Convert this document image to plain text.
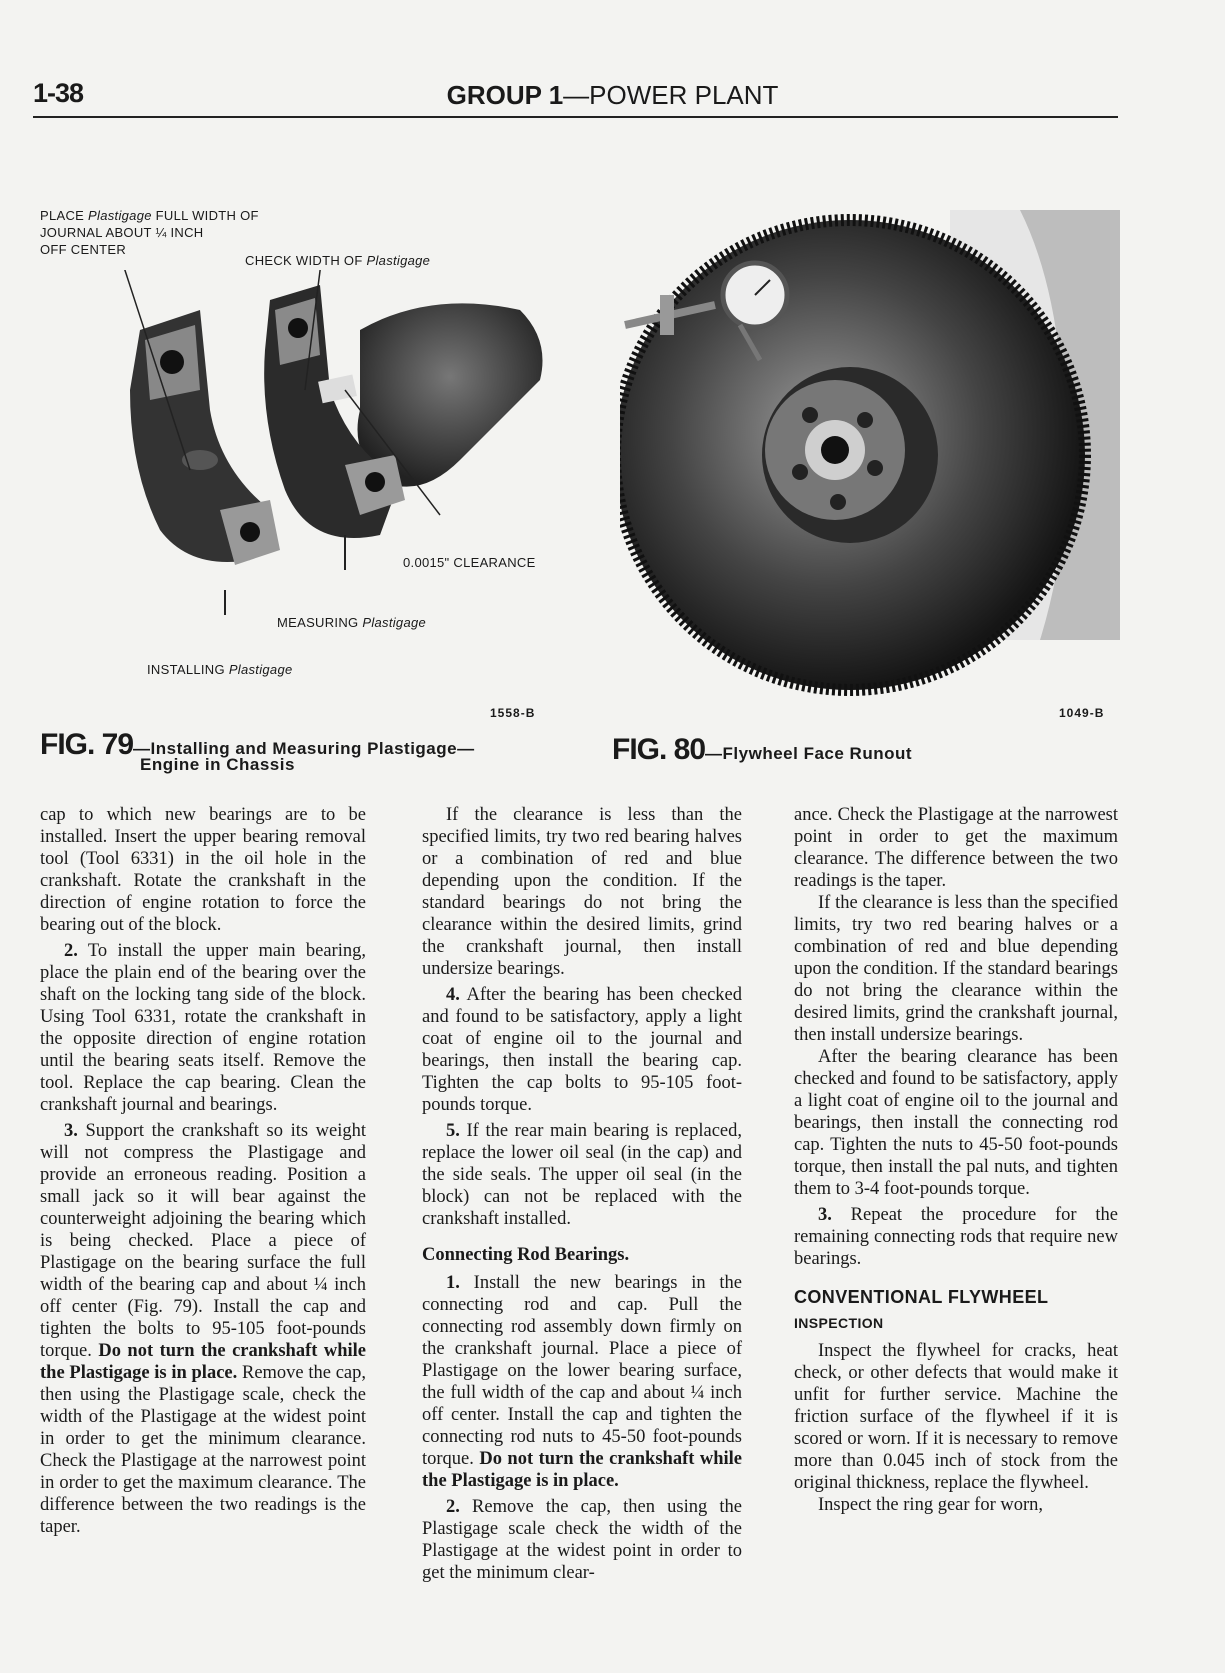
1-38	GROUP 1—POWER PLANT
PLACE Plastigage FULL WIDTH OF
JOURNAL ABOUT ¼ INCH
OFF CENTER
CHECK WIDTH OF Plastigage
0.0015" CLEARANCE
MEASURING Plastigage
INSTALLING Plastigage
1558-B	1049-B
FIG. 79—Installing and Measuring Plastigage—
Engine in Chassis	FIG. 80—Flywheel Face Runout

cap to which new bearings are to be installed. Insert the upper bearing removal tool (Tool 6331) in the oil hole in the crankshaft. Rotate the crankshaft in the direction of engine rotation to force the bearing out of the block.

2. To install the upper main bearing, place the plain end of the bearing over the shaft on the locking tang side of the block. Using Tool 6331, rotate the crankshaft in the opposite direction of engine rotation until the bearing seats itself. Remove the tool. Replace the cap bearing. Clean the crankshaft journal and bearings.

3. Support the crankshaft so its weight will not compress the Plastigage and provide an erroneous reading. Position a small jack so it will bear against the counterweight adjoining the bearing which is being checked. Place a piece of Plastigage on the bearing surface the full width of the bearing cap and about ¼ inch off center (Fig. 79). Install the cap and tighten the bolts to 95-105 foot-pounds torque. Do not turn the crankshaft while the Plastigage is in place. Remove the cap, then using the Plastigage scale, check the width of the Plastigage at the widest point in order to get the minimum clearance. Check the Plastigage at the narrowest point in order to get the maximum clearance. The difference between the two readings is the taper.

If the clearance is less than the specified limits, try two red bearing halves or a combination of red and blue depending upon the condition. If the standard bearings do not bring the clearance within the desired limits, grind the crankshaft journal, then install undersize bearings.

4. After the bearing has been checked and found to be satisfactory, apply a light coat of engine oil to the journal and bearings, then install the bearing cap. Tighten the cap bolts to 95-105 foot-pounds torque.

5. If the rear main bearing is replaced, replace the lower oil seal (in the cap) and the side seals. The upper oil seal (in the block) can not be replaced with the crankshaft installed.

Connecting Rod Bearings.

1. Install the new bearings in the connecting rod and cap. Pull the connecting rod assembly down firmly on the crankshaft journal. Place a piece of Plastigage on the lower bearing surface, the full width of the cap and about ¼ inch off center. Install the cap and tighten the connecting rod nuts to 45-50 foot-pounds torque. Do not turn the crankshaft while the Plastigage is in place.

2. Remove the cap, then using the Plastigage scale check the width of the Plastigage at the widest point in order to get the minimum clear-

ance. Check the Plastigage at the narrowest point in order to get the maximum clearance. The difference between the two readings is the taper.

If the clearance is less than the specified limits, try two red bearing halves or a combination of red and blue depending upon the condition. If the standard bearings do not bring the clearance within the desired limits, grind the crankshaft journal, then install undersize bearings.

After the bearing clearance has been checked and found to be satisfactory, apply a light coat of engine oil to the journal and bearings, then install the connecting rod cap. Tighten the nuts to 45-50 foot-pounds torque, then install the pal nuts, and tighten them to 3-4 foot-pounds torque.

3. Repeat the procedure for the remaining connecting rods that require new bearings.

CONVENTIONAL FLYWHEEL
INSPECTION

Inspect the flywheel for cracks, heat check, or other defects that would make it unfit for further service. Machine the friction surface of the flywheel if it is scored or worn. If it is necessary to remove more than 0.045 inch of stock from the original thickness, replace the flywheel.

Inspect the ring gear for worn,
